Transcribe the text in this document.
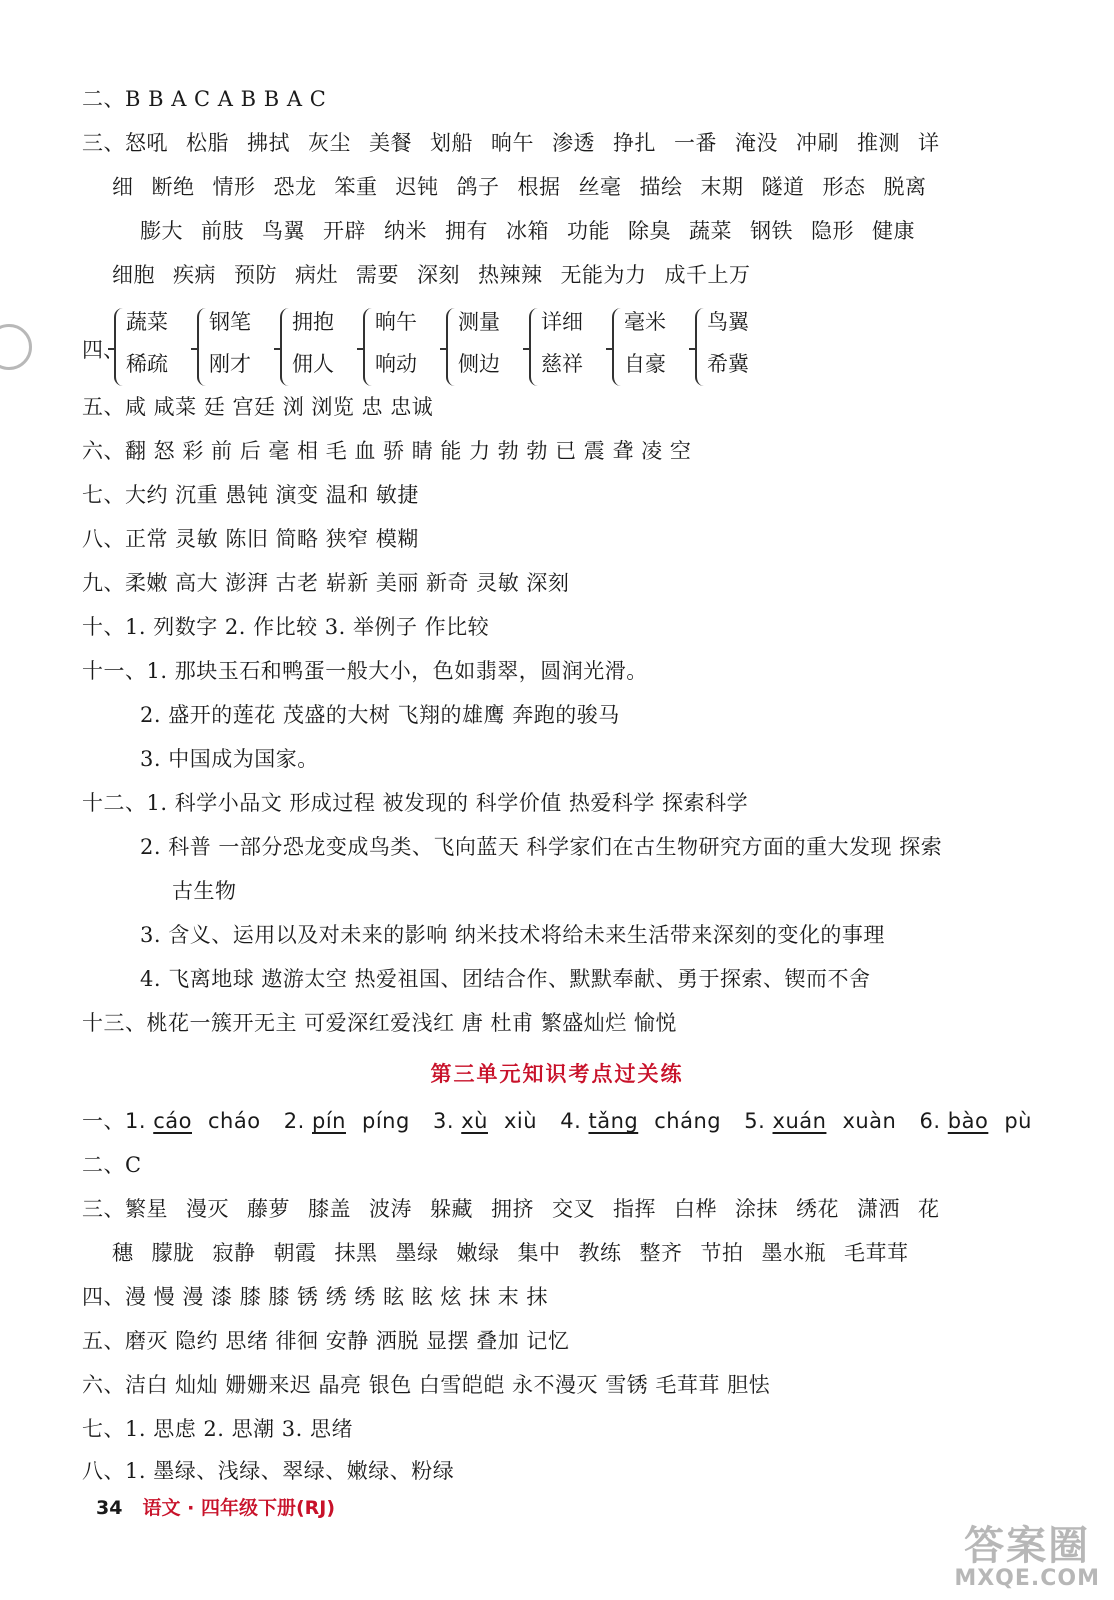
二、B B A C A B B A C
三、怒吼 松脂 拂拭 灰尘 美餐 划船 晌午 渗透 挣扎 一番 淹没 冲刷 推测 详
细 断绝 情形 恐龙 笨重 迟钝 鸽子 根据 丝毫 描绘 末期 隧道 形态 脱离
膨大 前肢 鸟翼 开辟 纳米 拥有 冰箱 功能 除臭 蔬菜 钢铁 隐形 健康
细胞 疾病 预防 病灶 需要 深刻 热辣辣 无能为力 成千上万
四、
蔬菜
稀疏
钢笔
刚才
拥抱
佣人
晌午
响动
测量
侧边
详细
慈祥
毫米
自豪
鸟翼
希冀
五、咸 咸菜 廷 宫廷 浏 浏览 忠 忠诚
六、翻 怒 彩 前 后 毫 相 毛 血 骄 睛 能 力 勃 勃 已 震 聋 凌 空
七、大约 沉重 愚钝 演变 温和 敏捷
八、正常 灵敏 陈旧 简略 狭窄 模糊
九、柔嫩 高大 澎湃 古老 崭新 美丽 新奇 灵敏 深刻
十、1. 列数字 2. 作比较 3. 举例子 作比较
十一、1. 那块玉石和鸭蛋一般大小，色如翡翠，圆润光滑。
2. 盛开的莲花 茂盛的大树 飞翔的雄鹰 奔跑的骏马
3. 中国成为国家。
十二、1. 科学小品文 形成过程 被发现的 科学价值 热爱科学 探索科学
2. 科普 一部分恐龙变成鸟类、飞向蓝天 科学家们在古生物研究方面的重大发现 探索
古生物
3. 含义、运用以及对未来的影响 纳米技术将给未来生活带来深刻的变化的事理
4. 飞离地球 遨游太空 热爱祖国、团结合作、默默奉献、勇于探索、锲而不舍
十三、桃花一簇开无主 可爱深红爱浅红 唐 杜甫 繁盛灿烂 愉悦
第三单元知识考点过关练
一、1. cáo cháo 2. pín píng 3. xù xiù 4. tǎng cháng 5. xuán xuàn 6. bào pù
二、C
三、繁星 漫灭 藤萝 膝盖 波涛 躲藏 拥挤 交叉 指挥 白桦 涂抹 绣花 潇洒 花
穗 朦胧 寂静 朝霞 抹黑 墨绿 嫩绿 集中 教练 整齐 节拍 墨水瓶 毛茸茸
四、漫 慢 漫 漆 膝 膝 锈 绣 绣 眩 眩 炫 抹 末 抹
五、磨灭 隐约 思绪 徘徊 安静 洒脱 显摆 叠加 记忆
六、洁白 灿灿 姗姗来迟 晶亮 银色 白雪皑皑 永不漫灭 雪锈 毛茸茸 胆怯
七、1. 思虑 2. 思潮 3. 思绪
八、1. 墨绿、浅绿、翠绿、嫩绿、粉绿
34 语文 · 四年级下册(RJ)
答案圈
MXQE.COM
